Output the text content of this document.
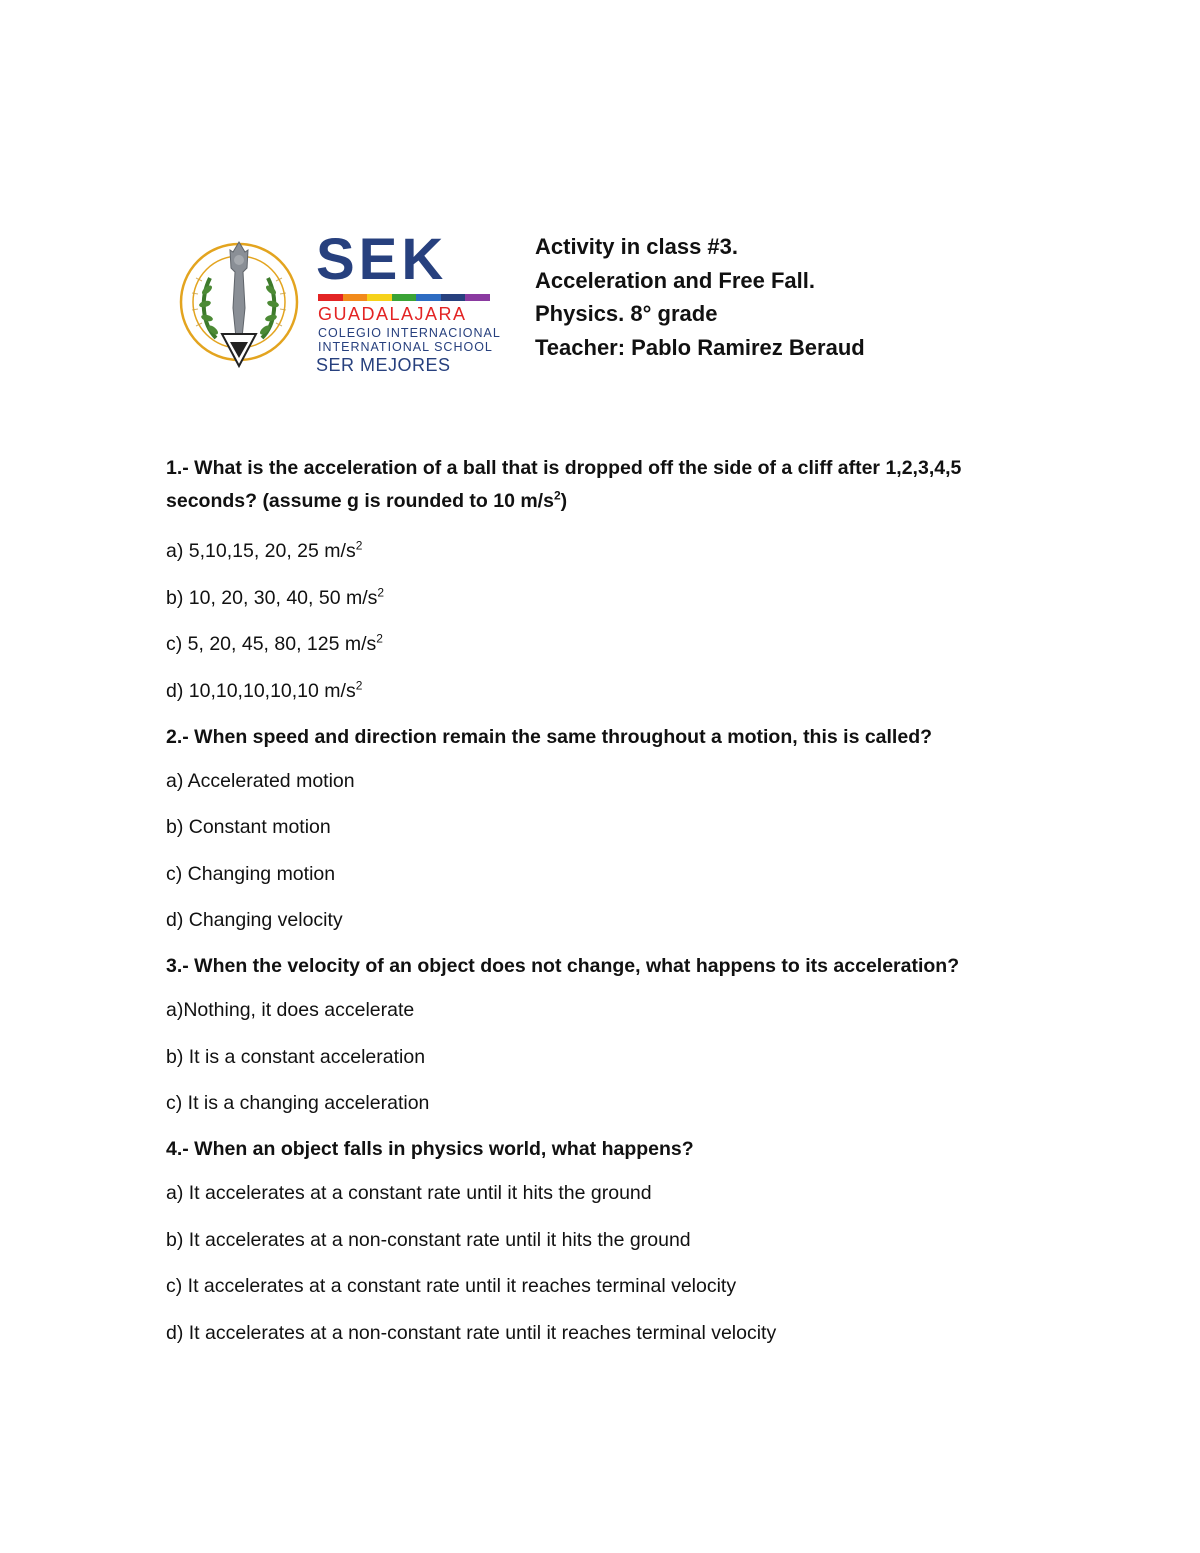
SEK
GUADALAJARA
COLEGIO INTERNACIONAL
INTERNATIONAL SCHOOL
SER MEJORES
Activity in class #3.
Acceleration and Free Fall.
Physics. 8° grade
Teacher: Pablo Ramirez Beraud

1.- What is the acceleration of a ball that is dropped off the side of a cliff after 1,2,3,4,5 seconds? (assume g is rounded to 10 $m/s^2$)

a) 5,10,15, 20, 25 $m/s^2$

b) 10, 20, 30, 40, 50 $m/s^2$

c) 5, 20, 45, 80, 125 $m/s^2$

d) 10,10,10,10,10 $m/s^2$

2.- When speed and direction remain the same throughout a motion, this is called?

a) Accelerated motion

b) Constant motion

c) Changing motion

d) Changing velocity

3.- When the velocity of an object does not change, what happens to its acceleration?

a)Nothing, it does accelerate

b) It is a constant acceleration

c) It is a changing acceleration

4.- When an object falls in physics world, what happens?

a) It accelerates at a constant rate until it hits the ground

b) It accelerates at a non-constant rate until it hits the ground

c) It accelerates at a constant rate until it reaches terminal velocity

d) It accelerates at a non-constant rate until it reaches terminal velocity
